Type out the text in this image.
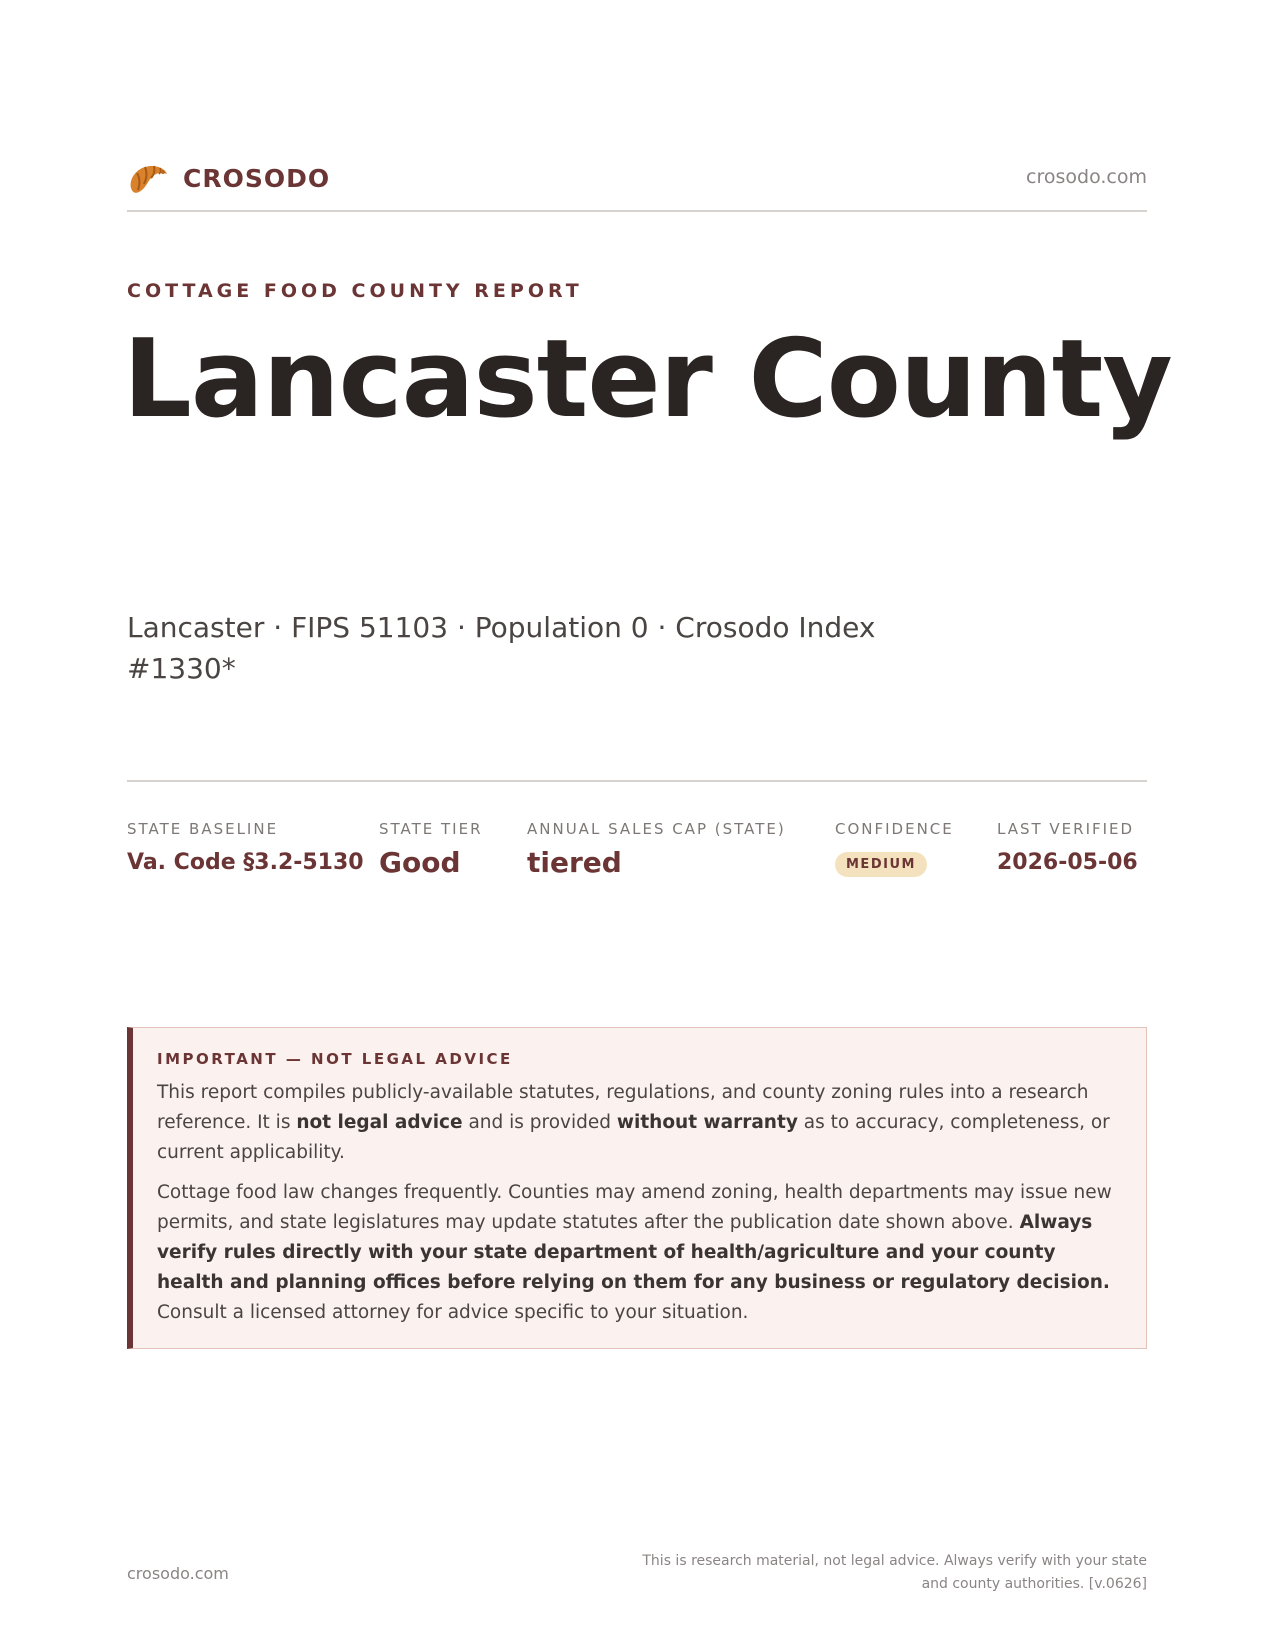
CROSODO	crosodo.com
COTTAGE FOOD COUNTY REPORT
Lancaster County
Lancaster · FIPS 51103 · Population 0 · Crosodo Index #1330*
STATE BASELINE
Va. Code §3.2-5130
STATE TIER
Good
ANNUAL SALES CAP (STATE)
tiered
CONFIDENCE
MEDIUM
LAST VERIFIED
2026-05-06
IMPORTANT — NOT LEGAL ADVICE

This report compiles publicly-available statutes, regulations, and county zoning rules into a research reference. It is not legal advice and is provided without warranty as to accuracy, completeness, or current applicability.

Cottage food law changes frequently. Counties may amend zoning, health departments may issue new permits, and state legislatures may update statutes after the publication date shown above. Always verify rules directly with your state department of health/agriculture and your county health and planning offices before relying on them for any business or regulatory decision. Consult a licensed attorney for advice specific to your situation.

crosodo.com
This is research material, not legal advice. Always verify with your state and county authorities. [v.0626]
